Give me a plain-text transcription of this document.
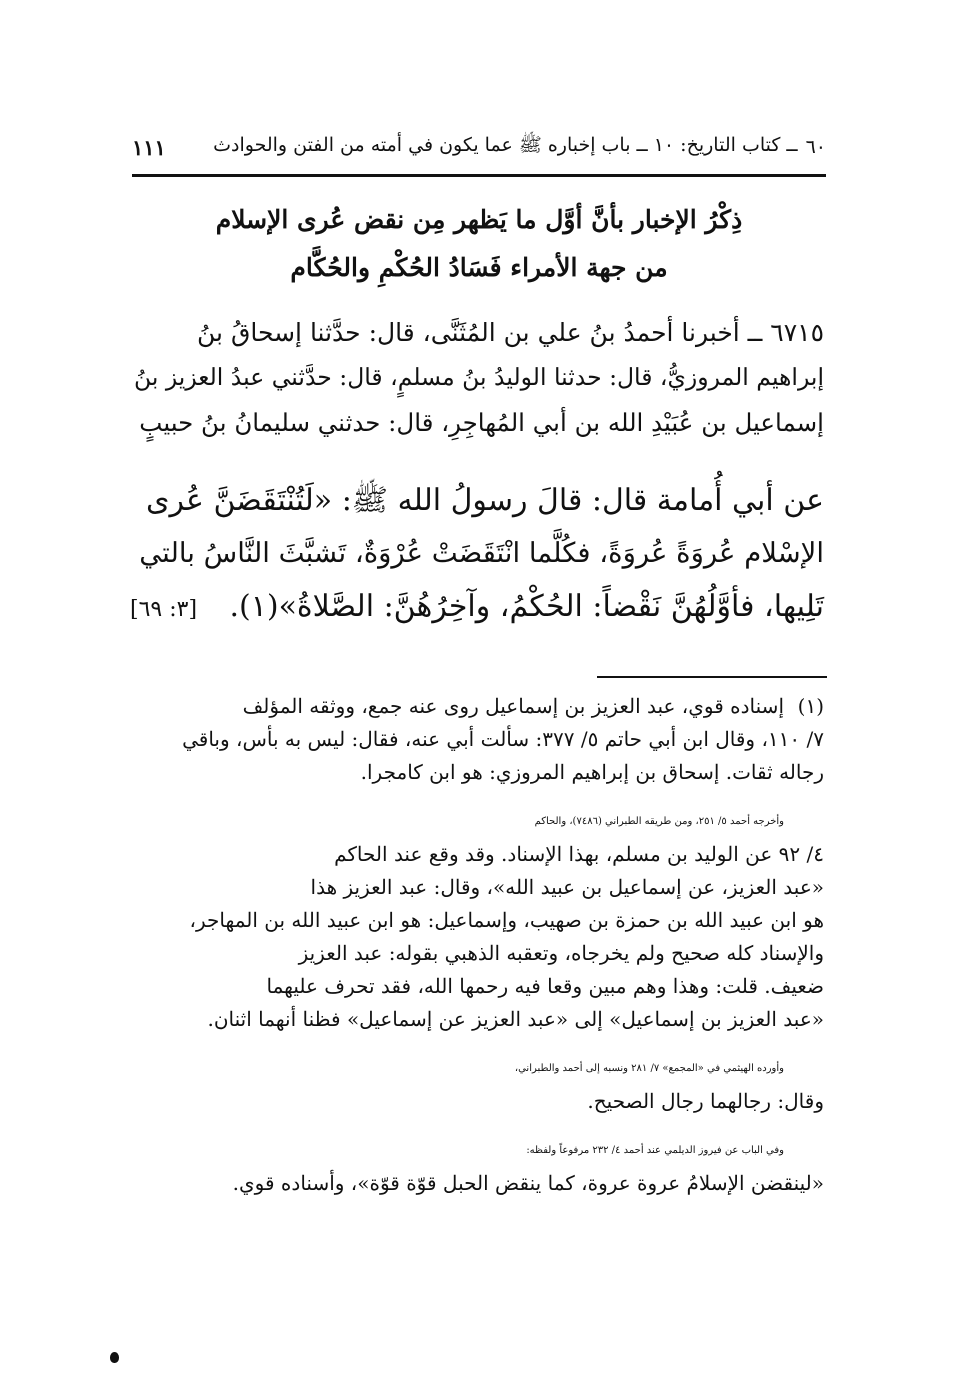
٦٠
ــ كتاب التاريخ: ١٠ ــ باب إخباره ﷺ عما يكون في أمته من الفتن والحوادث
١١١
ذِكْرُ الإخبار بأنَّ أوَّل ما يَظهر مِن نقض عُرى الإسلام
من جهة الأمراء فَسَادُ الحُكْمِ والحُكَّام
٦٧١٥ ــ أخبرنا أحمدُ بنُ علي بن المُثَنَّى، قال: حدَّثنا إسحاقُ بنُ
إبراهيم المروزيُّ، قال: حدثنا الوليدُ بنُ مسلمٍ، قال: حدَّثني عبدُ العزيز بنُ
إسماعيل بن عُبَيْدِ الله بن أبي المُهاجِرِ، قال: حدثني سليمانُ بنُ حبيبٍ
عن أبي أُمامة قال: قالَ رسولُ الله ﷺ: «لَتُنْتَقَضَنَّ عُرى
الإسْلام عُروَةً عُروَةً، فكُلَّما انْتَقَضَتْ عُرْوَةٌ، تَشبَّثَ النَّاسُ بالتي
تَلِيها، فأوَّلُهُنَّ نَقْضاً: الحُكْمُ، وآخِرُهُنَّ: الصَّلاةُ»(١).
[٣: ٦٩]
(١)
إسناده قوي، عبد العزيز بن إسماعيل روى عنه جمع، ووثقه المؤلف
٧/ ١١٠، وقال ابن أبي حاتم ٥/ ٣٧٧: سألت أبي عنه، فقال: ليس به بأس، وباقي
رجاله ثقات. إسحاق بن إبراهيم المروزي: هو ابن كامجرا.
وأخرجه أحمد ٥/ ٢٥١، ومن طريقه الطبراني (٧٤٨٦)، والحاكم
٤/ ٩٢ عن الوليد بن مسلم، بهذا الإسناد. وقد وقع عند الحاكم
«عبد العزيز، عن إسماعيل بن عبيد الله»، وقال: عبد العزيز هذا
هو ابن عبيد الله بن حمزة بن صهيب، وإسماعيل: هو ابن عبيد الله بن المهاجر،
والإسناد كله صحيح ولم يخرجاه، وتعقبه الذهبي بقوله: عبد العزيز
ضعيف. قلت: وهذا وهم مبين وقعا فيه رحمها الله، فقد تحرف عليهما
«عبد العزيز بن إسماعيل» إلى «عبد العزيز عن إسماعيل» فظنا أنهما اثنان.
وأورده الهيثمي في «المجمع» ٧/ ٢٨١ ونسبه إلى أحمد والطبراني،
وقال: رجالهما رجال الصحيح.
وفي الباب عن فيروز الديلمي عند أحمد ٤/ ٢٣٢ مرفوعاً ولفظه:
«لينقضن الإسلامُ عروة عروة، كما ينقض الحبل قوّة قوّة»، وأسناده قوي.
